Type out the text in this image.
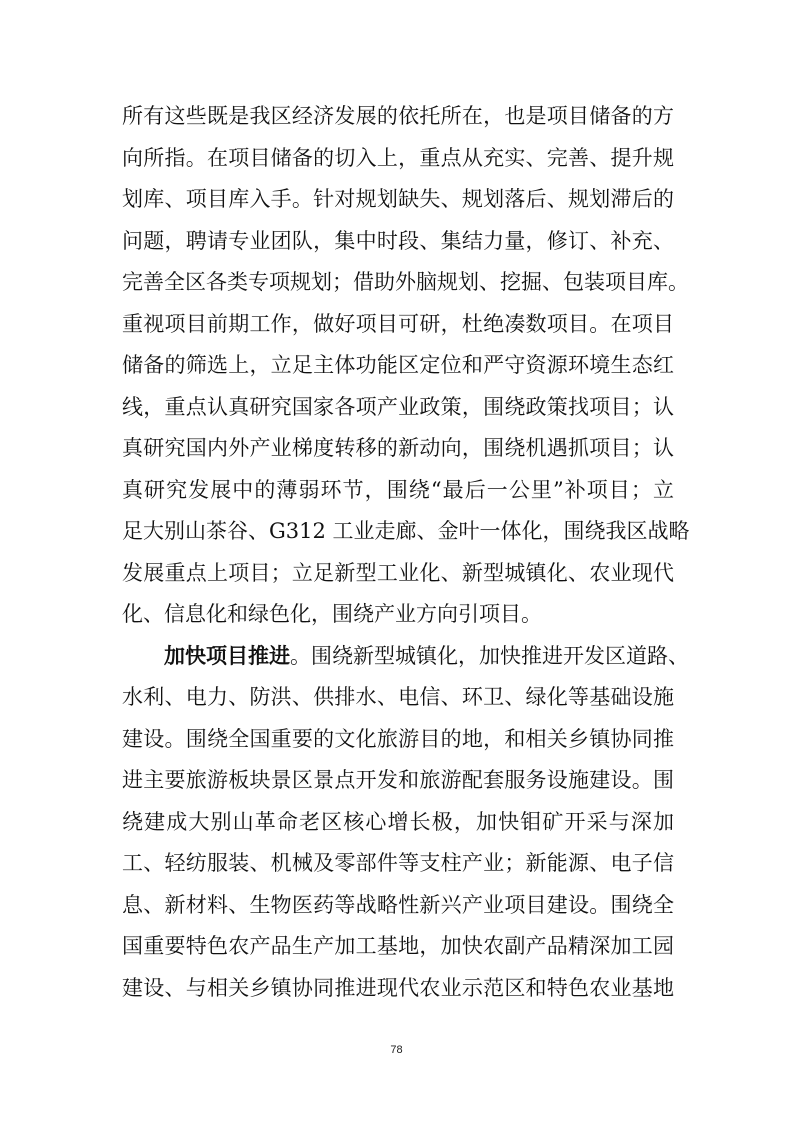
所有这些既是我区经济发展的依托所在，也是项目储备的方
向所指。在项目储备的切入上，重点从充实、完善、提升规
划库、项目库入手。针对规划缺失、规划落后、规划滞后的
问题，聘请专业团队，集中时段、集结力量，修订、补充、
完善全区各类专项规划；借助外脑规划、挖掘、包装项目库。
重视项目前期工作，做好项目可研，杜绝凑数项目。在项目
储备的筛选上，立足主体功能区定位和严守资源环境生态红
线，重点认真研究国家各项产业政策，围绕政策找项目；认
真研究国内外产业梯度转移的新动向，围绕机遇抓项目；认
真研究发展中的薄弱环节，围绕“最后一公里”补项目；立
足大别山茶谷、G312 工业走廊、金叶一体化，围绕我区战略
发展重点上项目；立足新型工业化、新型城镇化、农业现代
化、信息化和绿色化，围绕产业方向引项目。
加快项目推进。围绕新型城镇化，加快推进开发区道路、
水利、电力、防洪、供排水、电信、环卫、绿化等基础设施
建设。围绕全国重要的文化旅游目的地，和相关乡镇协同推
进主要旅游板块景区景点开发和旅游配套服务设施建设。围
绕建成大别山革命老区核心增长极，加快钼矿开采与深加
工、轻纺服装、机械及零部件等支柱产业；新能源、电子信
息、新材料、生物医药等战略性新兴产业项目建设。围绕全
国重要特色农产品生产加工基地，加快农副产品精深加工园
建设、与相关乡镇协同推进现代农业示范区和特色农业基地
78
